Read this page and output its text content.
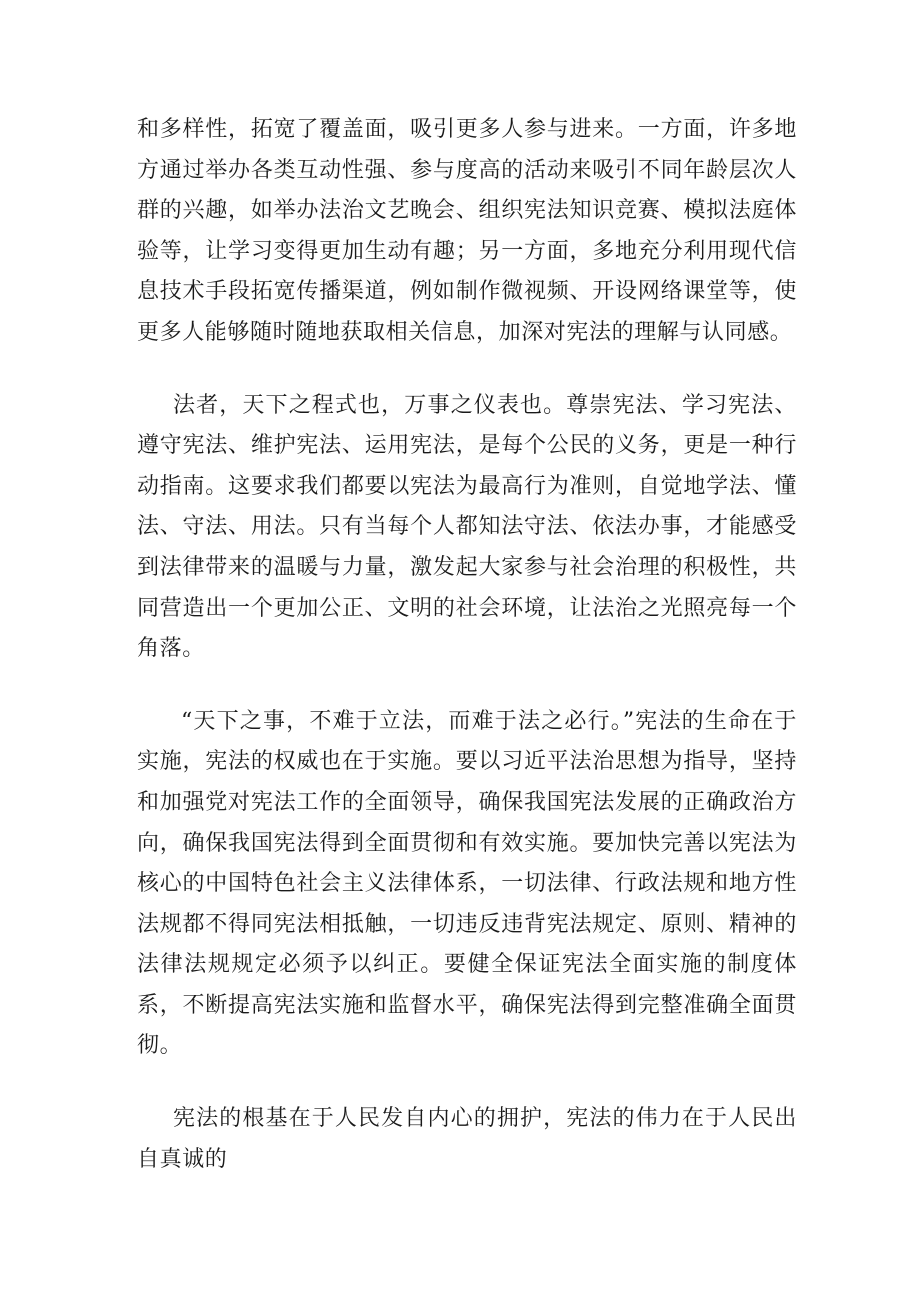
和多样性，拓宽了覆盖面，吸引更多人参与进来。一方面，许多地方通过举办各类互动性强、参与度高的活动来吸引不同年龄层次人群的兴趣，如举办法治文艺晚会、组织宪法知识竞赛、模拟法庭体验等，让学习变得更加生动有趣；另一方面，多地充分利用现代信息技术手段拓宽传播渠道，例如制作微视频、开设网络课堂等，使更多人能够随时随地获取相关信息，加深对宪法的理解与认同感。

法者，天下之程式也，万事之仪表也。尊崇宪法、学习宪法、遵守宪法、维护宪法、运用宪法，是每个公民的义务，更是一种行动指南。这要求我们都要以宪法为最高行为准则，自觉地学法、懂法、守法、用法。只有当每个人都知法守法、依法办事，才能感受到法律带来的温暖与力量，激发起大家参与社会治理的积极性，共同营造出一个更加公正、文明的社会环境，让法治之光照亮每一个角落。

“天下之事，不难于立法，而难于法之必行。”宪法的生命在于实施，宪法的权威也在于实施。要以习近平法治思想为指导，坚持和加强党对宪法工作的全面领导，确保我国宪法发展的正确政治方向，确保我国宪法得到全面贯彻和有效实施。要加快完善以宪法为核心的中国特色社会主义法律体系，一切法律、行政法规和地方性法规都不得同宪法相抵触，一切违反违背宪法规定、原则、精神的法律法规规定必须予以纠正。要健全保证宪法全面实施的制度体系，不断提高宪法实施和监督水平，确保宪法得到完整准确全面贯彻。

宪法的根基在于人民发自内心的拥护，宪法的伟力在于人民出自真诚的
